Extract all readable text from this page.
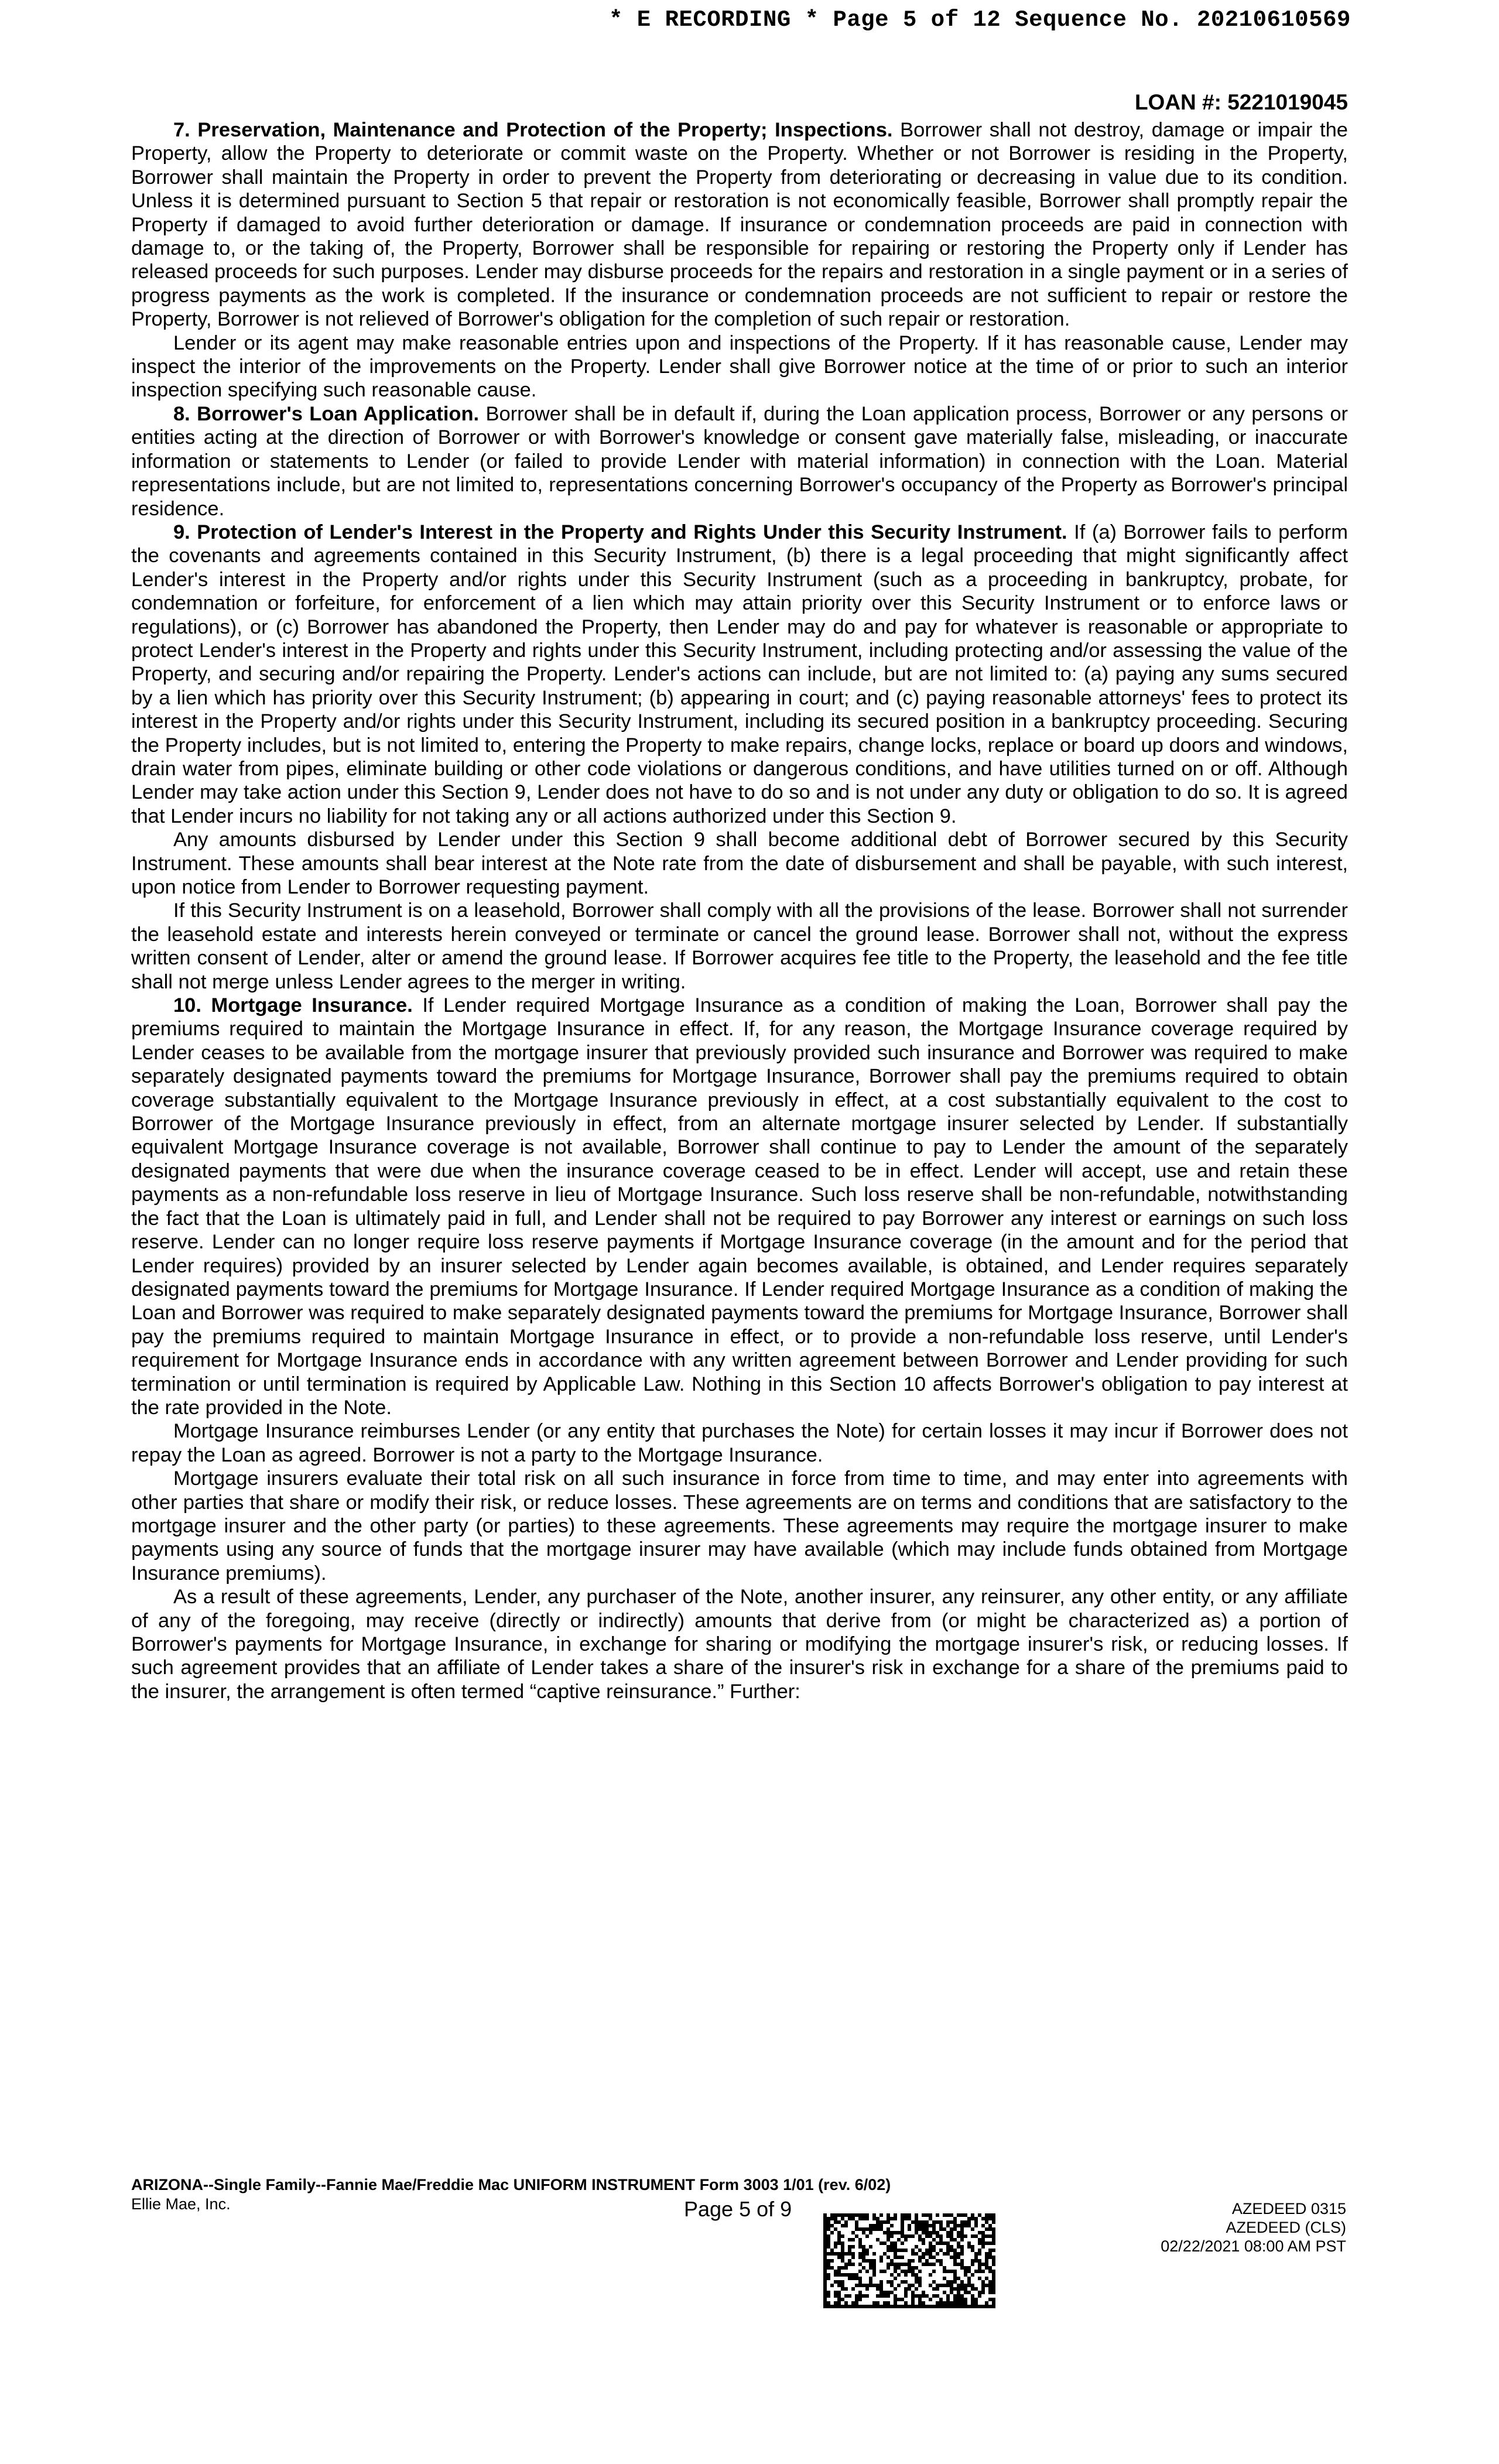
* E RECORDING * Page 5 of 12 Sequence No. 20210610569
LOAN #: 5221019045

7. Preservation, Maintenance and Protection of the Property; Inspections. Borrower shall not destroy, damage or impair the Property, allow the Property to deteriorate or commit waste on the Property. Whether or not Borrower is residing in the Property, Borrower shall maintain the Property in order to prevent the Property from deteriorating or decreasing in value due to its condition. Unless it is determined pursuant to Section 5 that repair or restoration is not economically feasible, Borrower shall promptly repair the Property if damaged to avoid further deterioration or damage. If insurance or condemnation proceeds are paid in connection with damage to, or the taking of, the Property, Borrower shall be responsible for repairing or restoring the Property only if Lender has released proceeds for such purposes. Lender may disburse proceeds for the repairs and restoration in a single payment or in a series of progress payments as the work is completed. If the insurance or condemnation proceeds are not sufficient to repair or restore the Property, Borrower is not relieved of Borrower's obligation for the completion of such repair or restoration.

Lender or its agent may make reasonable entries upon and inspections of the Property. If it has reasonable cause, Lender may inspect the interior of the improvements on the Property. Lender shall give Borrower notice at the time of or prior to such an interior inspection specifying such reasonable cause.

8. Borrower's Loan Application. Borrower shall be in default if, during the Loan application process, Borrower or any persons or entities acting at the direction of Borrower or with Borrower's knowledge or consent gave materially false, misleading, or inaccurate information or statements to Lender (or failed to provide Lender with material information) in connection with the Loan. Material representations include, but are not limited to, representations concerning Borrower's occupancy of the Property as Borrower's principal residence.

9. Protection of Lender's Interest in the Property and Rights Under this Security Instrument. If (a) Borrower fails to perform the covenants and agreements contained in this Security Instrument, (b) there is a legal proceeding that might significantly affect Lender's interest in the Property and/or rights under this Security Instrument (such as a proceeding in bankruptcy, probate, for condemnation or forfeiture, for enforcement of a lien which may attain priority over this Security Instrument or to enforce laws or regulations), or (c) Borrower has abandoned the Property, then Lender may do and pay for whatever is reasonable or appropriate to protect Lender's interest in the Property and rights under this Security Instrument, including protecting and/or assessing the value of the Property, and securing and/or repairing the Property. Lender's actions can include, but are not limited to: (a) paying any sums secured by a lien which has priority over this Security Instrument; (b) appearing in court; and (c) paying reasonable attorneys' fees to protect its interest in the Property and/or rights under this Security Instrument, including its secured position in a bankruptcy proceeding. Securing the Property includes, but is not limited to, entering the Property to make repairs, change locks, replace or board up doors and windows, drain water from pipes, eliminate building or other code violations or dangerous conditions, and have utilities turned on or off. Although Lender may take action under this Section 9, Lender does not have to do so and is not under any duty or obligation to do so. It is agreed that Lender incurs no liability for not taking any or all actions authorized under this Section 9.

Any amounts disbursed by Lender under this Section 9 shall become additional debt of Borrower secured by this Security Instrument. These amounts shall bear interest at the Note rate from the date of disbursement and shall be payable, with such interest, upon notice from Lender to Borrower requesting payment.

If this Security Instrument is on a leasehold, Borrower shall comply with all the provisions of the lease. Borrower shall not surrender the leasehold estate and interests herein conveyed or terminate or cancel the ground lease. Borrower shall not, without the express written consent of Lender, alter or amend the ground lease. If Borrower acquires fee title to the Property, the leasehold and the fee title shall not merge unless Lender agrees to the merger in writing.

10. Mortgage Insurance. If Lender required Mortgage Insurance as a condition of making the Loan, Borrower shall pay the premiums required to maintain the Mortgage Insurance in effect. If, for any reason, the Mortgage Insurance coverage required by Lender ceases to be available from the mortgage insurer that previously provided such insurance and Borrower was required to make separately designated payments toward the premiums for Mortgage Insurance, Borrower shall pay the premiums required to obtain coverage substantially equivalent to the Mortgage Insurance previously in effect, at a cost substantially equivalent to the cost to Borrower of the Mortgage Insurance previously in effect, from an alternate mortgage insurer selected by Lender. If substantially equivalent Mortgage Insurance coverage is not available, Borrower shall continue to pay to Lender the amount of the separately designated payments that were due when the insurance coverage ceased to be in effect. Lender will accept, use and retain these payments as a non-refundable loss reserve in lieu of Mortgage Insurance. Such loss reserve shall be non-refundable, notwithstanding the fact that the Loan is ultimately paid in full, and Lender shall not be required to pay Borrower any interest or earnings on such loss reserve. Lender can no longer require loss reserve payments if Mortgage Insurance coverage (in the amount and for the period that Lender requires) provided by an insurer selected by Lender again becomes available, is obtained, and Lender requires separately designated payments toward the premiums for Mortgage Insurance. If Lender required Mortgage Insurance as a condition of making the Loan and Borrower was required to make separately designated payments toward the premiums for Mortgage Insurance, Borrower shall pay the premiums required to maintain Mortgage Insurance in effect, or to provide a non-refundable loss reserve, until Lender's requirement for Mortgage Insurance ends in accordance with any written agreement between Borrower and Lender providing for such termination or until termination is required by Applicable Law. Nothing in this Section 10 affects Borrower's obligation to pay interest at the rate provided in the Note.

Mortgage Insurance reimburses Lender (or any entity that purchases the Note) for certain losses it may incur if Borrower does not repay the Loan as agreed. Borrower is not a party to the Mortgage Insurance.

Mortgage insurers evaluate their total risk on all such insurance in force from time to time, and may enter into agreements with other parties that share or modify their risk, or reduce losses. These agreements are on terms and conditions that are satisfactory to the mortgage insurer and the other party (or parties) to these agreements. These agreements may require the mortgage insurer to make payments using any source of funds that the mortgage insurer may have available (which may include funds obtained from Mortgage Insurance premiums).

As a result of these agreements, Lender, any purchaser of the Note, another insurer, any reinsurer, any other entity, or any affiliate of any of the foregoing, may receive (directly or indirectly) amounts that derive from (or might be characterized as) a portion of Borrower's payments for Mortgage Insurance, in exchange for sharing or modifying the mortgage insurer's risk, or reducing losses. If such agreement provides that an affiliate of Lender takes a share of the insurer's risk in exchange for a share of the premiums paid to the insurer, the arrangement is often termed “captive reinsurance.” Further:

ARIZONA--Single Family--Fannie Mae/Freddie Mac UNIFORM INSTRUMENT Form 3003 1/01 (rev. 6/02)
Ellie Mae, Inc.	Page 5 of 9	AZEDEED 0315
AZEDEED (CLS)
02/22/2021 08:00 AM PST
